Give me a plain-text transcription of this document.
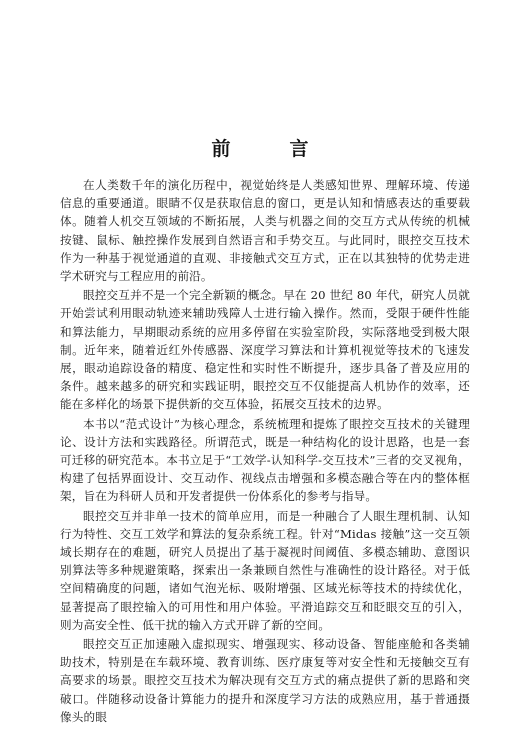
前　言

在人类数千年的演化历程中，视觉始终是人类感知世界、理解环境、传递信息的重要通道。眼睛不仅是获取信息的窗口，更是认知和情感表达的重要载体。随着人机交互领域的不断拓展，人类与机器之间的交互方式从传统的机械按键、鼠标、触控操作发展到自然语言和手势交互。与此同时，眼控交互技术作为一种基于视觉通道的直观、非接触式交互方式，正在以其独特的优势走进学术研究与工程应用的前沿。

眼控交互并不是一个完全新颖的概念。早在 20 世纪 80 年代，研究人员就开始尝试利用眼动轨迹来辅助残障人士进行输入操作。然而，受限于硬件性能和算法能力，早期眼动系统的应用多停留在实验室阶段，实际落地受到极大限制。近年来，随着近红外传感器、深度学习算法和计算机视觉等技术的飞速发展，眼动追踪设备的精度、稳定性和实时性不断提升，逐步具备了普及应用的条件。越来越多的研究和实践证明，眼控交互不仅能提高人机协作的效率，还能在多样化的场景下提供新的交互体验，拓展交互技术的边界。

本书以“范式设计”为核心理念，系统梳理和提炼了眼控交互技术的关键理论、设计方法和实践路径。所谓范式，既是一种结构化的设计思路，也是一套可迁移的研究范本。本书立足于“工效学-认知科学-交互技术”三者的交叉视角，构建了包括界面设计、交互动作、视线点击增强和多模态融合等在内的整体框架，旨在为科研人员和开发者提供一份体系化的参考与指导。

眼控交互并非单一技术的简单应用，而是一种融合了人眼生理机制、认知行为特性、交互工效学和算法的复杂系统工程。针对“Midas 接触”这一交互领域长期存在的难题，研究人员提出了基于凝视时间阈值、多模态辅助、意图识别算法等多种规避策略，探索出一条兼顾自然性与准确性的设计路径。对于低空间精确度的问题，诸如气泡光标、吸附增强、区域光标等技术的持续优化，显著提高了眼控输入的可用性和用户体验。平滑追踪交互和眨眼交互的引入，则为高安全性、低干扰的输入方式开辟了新的空间。

眼控交互正加速融入虚拟现实、增强现实、移动设备、智能座舱和各类辅助技术，特别是在车载环境、教育训练、医疗康复等对安全性和无接触交互有高要求的场景。眼控交互技术为解决现有交互方式的痛点提供了新的思路和突破口。伴随移动设备计算能力的提升和深度学习方法的成熟应用，基于普通摄像头的眼
